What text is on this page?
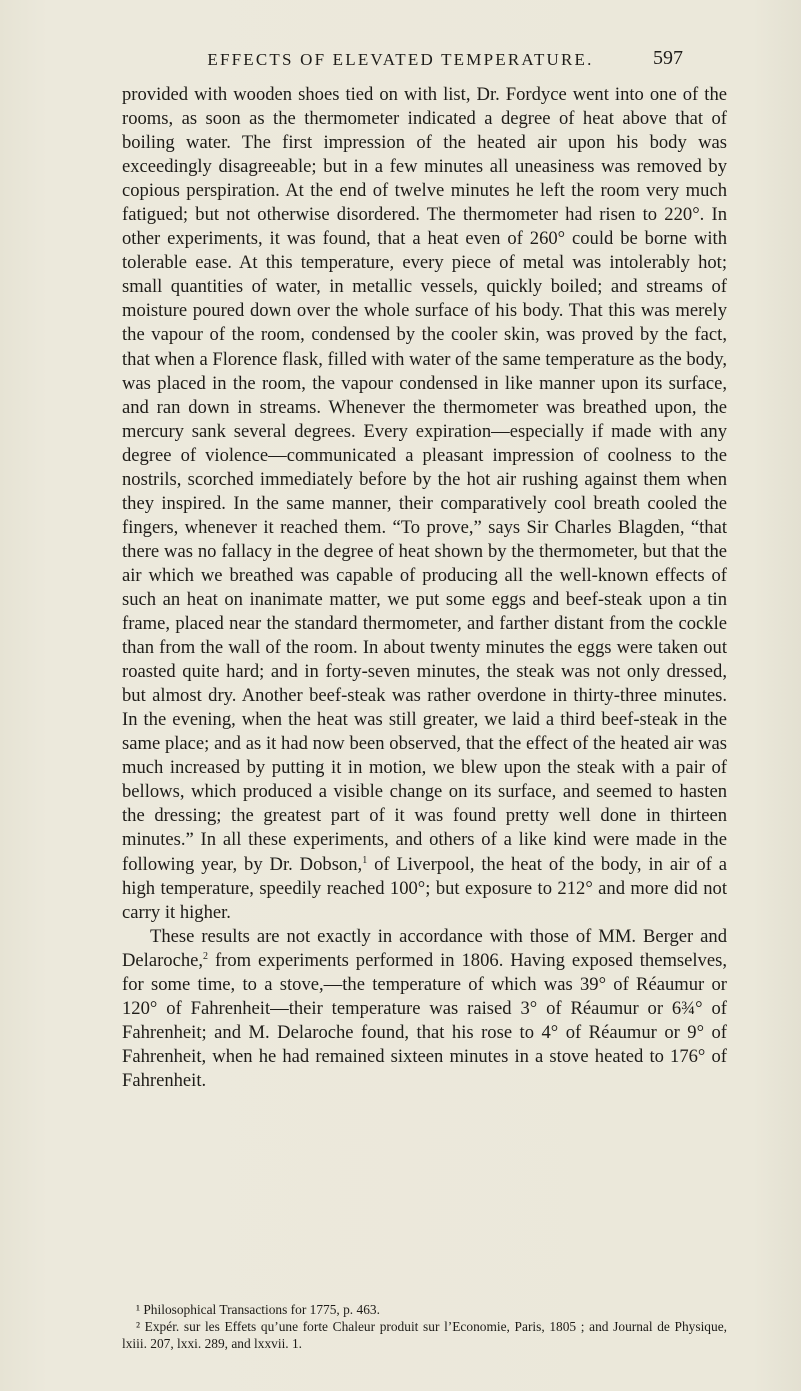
EFFECTS OF ELEVATED TEMPERATURE.	597

provided with wooden shoes tied on with list, Dr. Fordyce went into one of the rooms, as soon as the thermometer indicated a degree of heat above that of boiling water. The first impression of the heated air upon his body was exceedingly disagreeable; but in a few minutes all uneasiness was removed by copious perspiration. At the end of twelve minutes he left the room very much fatigued; but not otherwise disordered. The thermometer had risen to 220°. In other experiments, it was found, that a heat even of 260° could be borne with tolerable ease. At this temperature, every piece of metal was intolerably hot; small quantities of water, in metallic vessels, quickly boiled; and streams of moisture poured down over the whole surface of his body. That this was merely the vapour of the room, condensed by the cooler skin, was proved by the fact, that when a Florence flask, filled with water of the same temperature as the body, was placed in the room, the vapour condensed in like manner upon its surface, and ran down in streams. Whenever the thermometer was breathed upon, the mercury sank several degrees. Every expiration—especially if made with any degree of violence—communicated a pleasant impression of coolness to the nostrils, scorched immediately before by the hot air rushing against them when they inspired. In the same manner, their comparatively cool breath cooled the fingers, whenever it reached them. “To prove,” says Sir Charles Blagden, “that there was no fallacy in the degree of heat shown by the thermometer, but that the air which we breathed was capable of producing all the well-known effects of such an heat on inanimate matter, we put some eggs and beef-steak upon a tin frame, placed near the standard thermometer, and farther distant from the cockle than from the wall of the room. In about twenty minutes the eggs were taken out roasted quite hard; and in forty-seven minutes, the steak was not only dressed, but almost dry. Another beef-steak was rather overdone in thirty-three minutes. In the evening, when the heat was still greater, we laid a third beef-steak in the same place; and as it had now been observed, that the effect of the heated air was much increased by putting it in motion, we blew upon the steak with a pair of bellows, which produced a visible change on its surface, and seemed to hasten the dressing; the greatest part of it was found pretty well done in thirteen minutes.” In all these experiments, and others of a like kind were made in the following year, by Dr. Dobson,$^1$ of Liverpool, the heat of the body, in air of a high temperature, speedily reached 100°; but exposure to 212° and more did not carry it higher.

These results are not exactly in accordance with those of MM. Berger and Delaroche,$^2$ from experiments performed in 1806. Having exposed themselves, for some time, to a stove,—the temperature of which was 39° of Réaumur or 120° of Fahrenheit—their temperature was raised 3° of Réaumur or 6¾° of Fahrenheit; and M. Delaroche found, that his rose to 4° of Réaumur or 9° of Fahrenheit, when he had remained sixteen minutes in a stove heated to 176° of Fahrenheit.

¹ Philosophical Transactions for 1775, p. 463.

² Expér. sur les Effets qu’une forte Chaleur produit sur l’Economie, Paris, 1805 ; and Journal de Physique, lxiii. 207, lxxi. 289, and lxxvii. 1.
